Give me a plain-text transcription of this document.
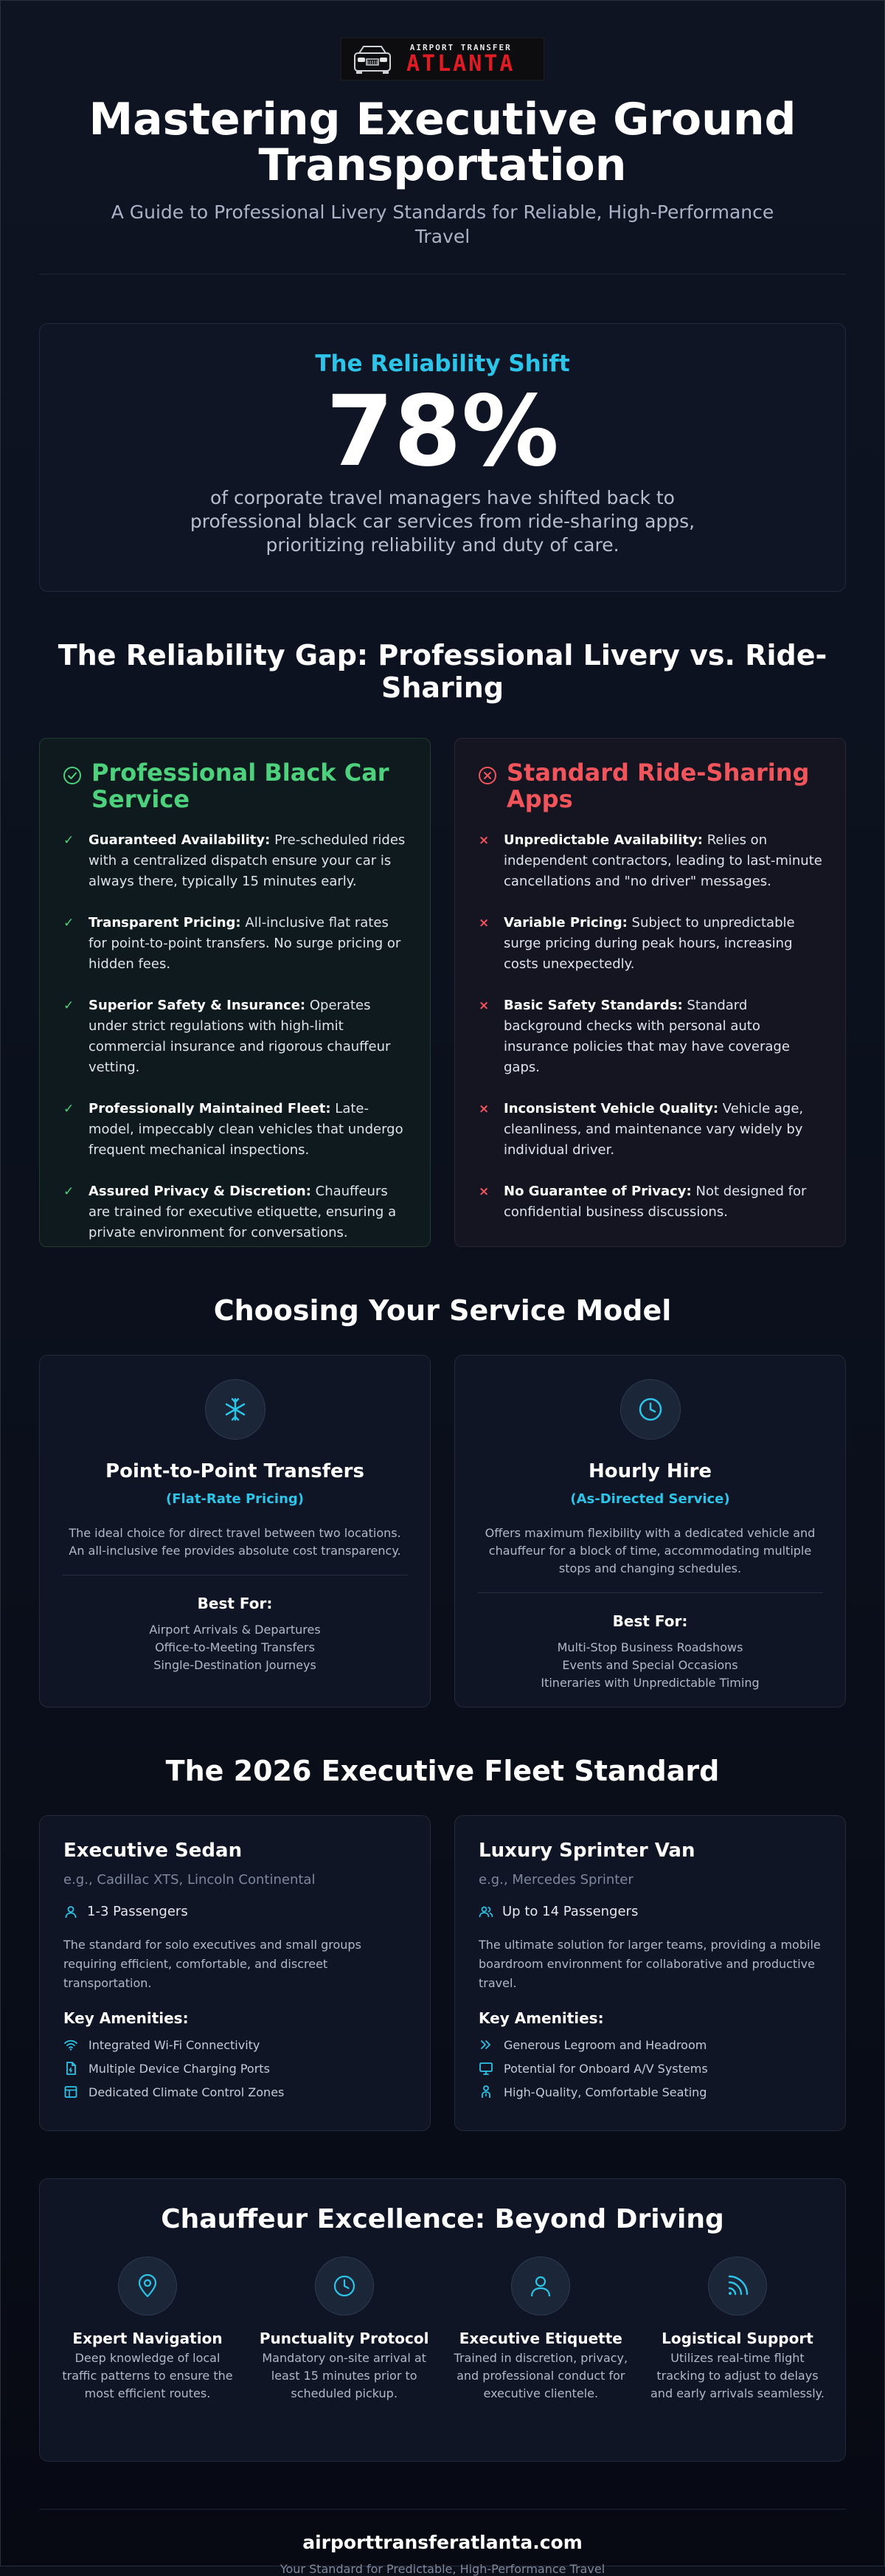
AIRPORT TRANSFER
ATLANTA
Mastering Executive Ground Transportation

A Guide to Professional Livery Standards for Reliable, High-Performance Travel

The Reliability Shift
78%

of corporate travel managers have shifted back to professional black car services from ride-sharing apps, prioritizing reliability and duty of care.

The Reliability Gap: Professional Livery vs. Ride-Sharing
Professional Black Car Service
✓ Guaranteed Availability: Pre-scheduled rides with a centralized dispatch ensure your car is always there, typically 15 minutes early.
✓ Transparent Pricing: All-inclusive flat rates for point-to-point transfers. No surge pricing or hidden fees.
✓ Superior Safety & Insurance: Operates under strict regulations with high-limit commercial insurance and rigorous chauffeur vetting.
✓ Professionally Maintained Fleet: Late-model, impeccably clean vehicles that undergo frequent mechanical inspections.
✓ Assured Privacy & Discretion: Chauffeurs are trained for executive etiquette, ensuring a private environment for conversations.
Standard Ride-Sharing Apps
× Unpredictable Availability: Relies on independent contractors, leading to last-minute cancellations and "no driver" messages.
× Variable Pricing: Subject to unpredictable surge pricing during peak hours, increasing costs unexpectedly.
× Basic Safety Standards: Standard background checks with personal auto insurance policies that may have coverage gaps.
× Inconsistent Vehicle Quality: Vehicle age, cleanliness, and maintenance vary widely by individual driver.
× No Guarantee of Privacy: Not designed for confidential business discussions.
Choosing Your Service Model
Point-to-Point Transfers
(Flat-Rate Pricing)

The ideal choice for direct travel between two locations. An all-inclusive fee provides absolute cost transparency.

Best For:
Airport Arrivals & Departures
Office-to-Meeting Transfers
Single-Destination Journeys
Hourly Hire
(As-Directed Service)

Offers maximum flexibility with a dedicated vehicle and chauffeur for a block of time, accommodating multiple stops and changing schedules.

Best For:
Multi-Stop Business Roadshows
Events and Special Occasions
Itineraries with Unpredictable Timing
The 2026 Executive Fleet Standard
Executive Sedan
e.g., Cadillac XTS, Lincoln Continental
1-3 Passengers

The standard for solo executives and small groups requiring efficient, comfortable, and discreet transportation.

Key Amenities:
Integrated Wi-Fi Connectivity
Multiple Device Charging Ports
Dedicated Climate Control Zones
Luxury Sprinter Van
e.g., Mercedes Sprinter
Up to 14 Passengers

The ultimate solution for larger teams, providing a mobile boardroom environment for collaborative and productive travel.

Key Amenities:
Generous Legroom and Headroom
Potential for Onboard A/V Systems
High-Quality, Comfortable Seating
Chauffeur Excellence: Beyond Driving
Expert Navigation

Deep knowledge of local traffic patterns to ensure the most efficient routes.

Punctuality Protocol

Mandatory on-site arrival at least 15 minutes prior to scheduled pickup.

Executive Etiquette

Trained in discretion, privacy, and professional conduct for executive clientele.

Logistical Support

Utilizes real-time flight tracking to adjust to delays and early arrivals seamlessly.

airporttransferatlanta.com
Your Standard for Predictable, High-Performance Travel
